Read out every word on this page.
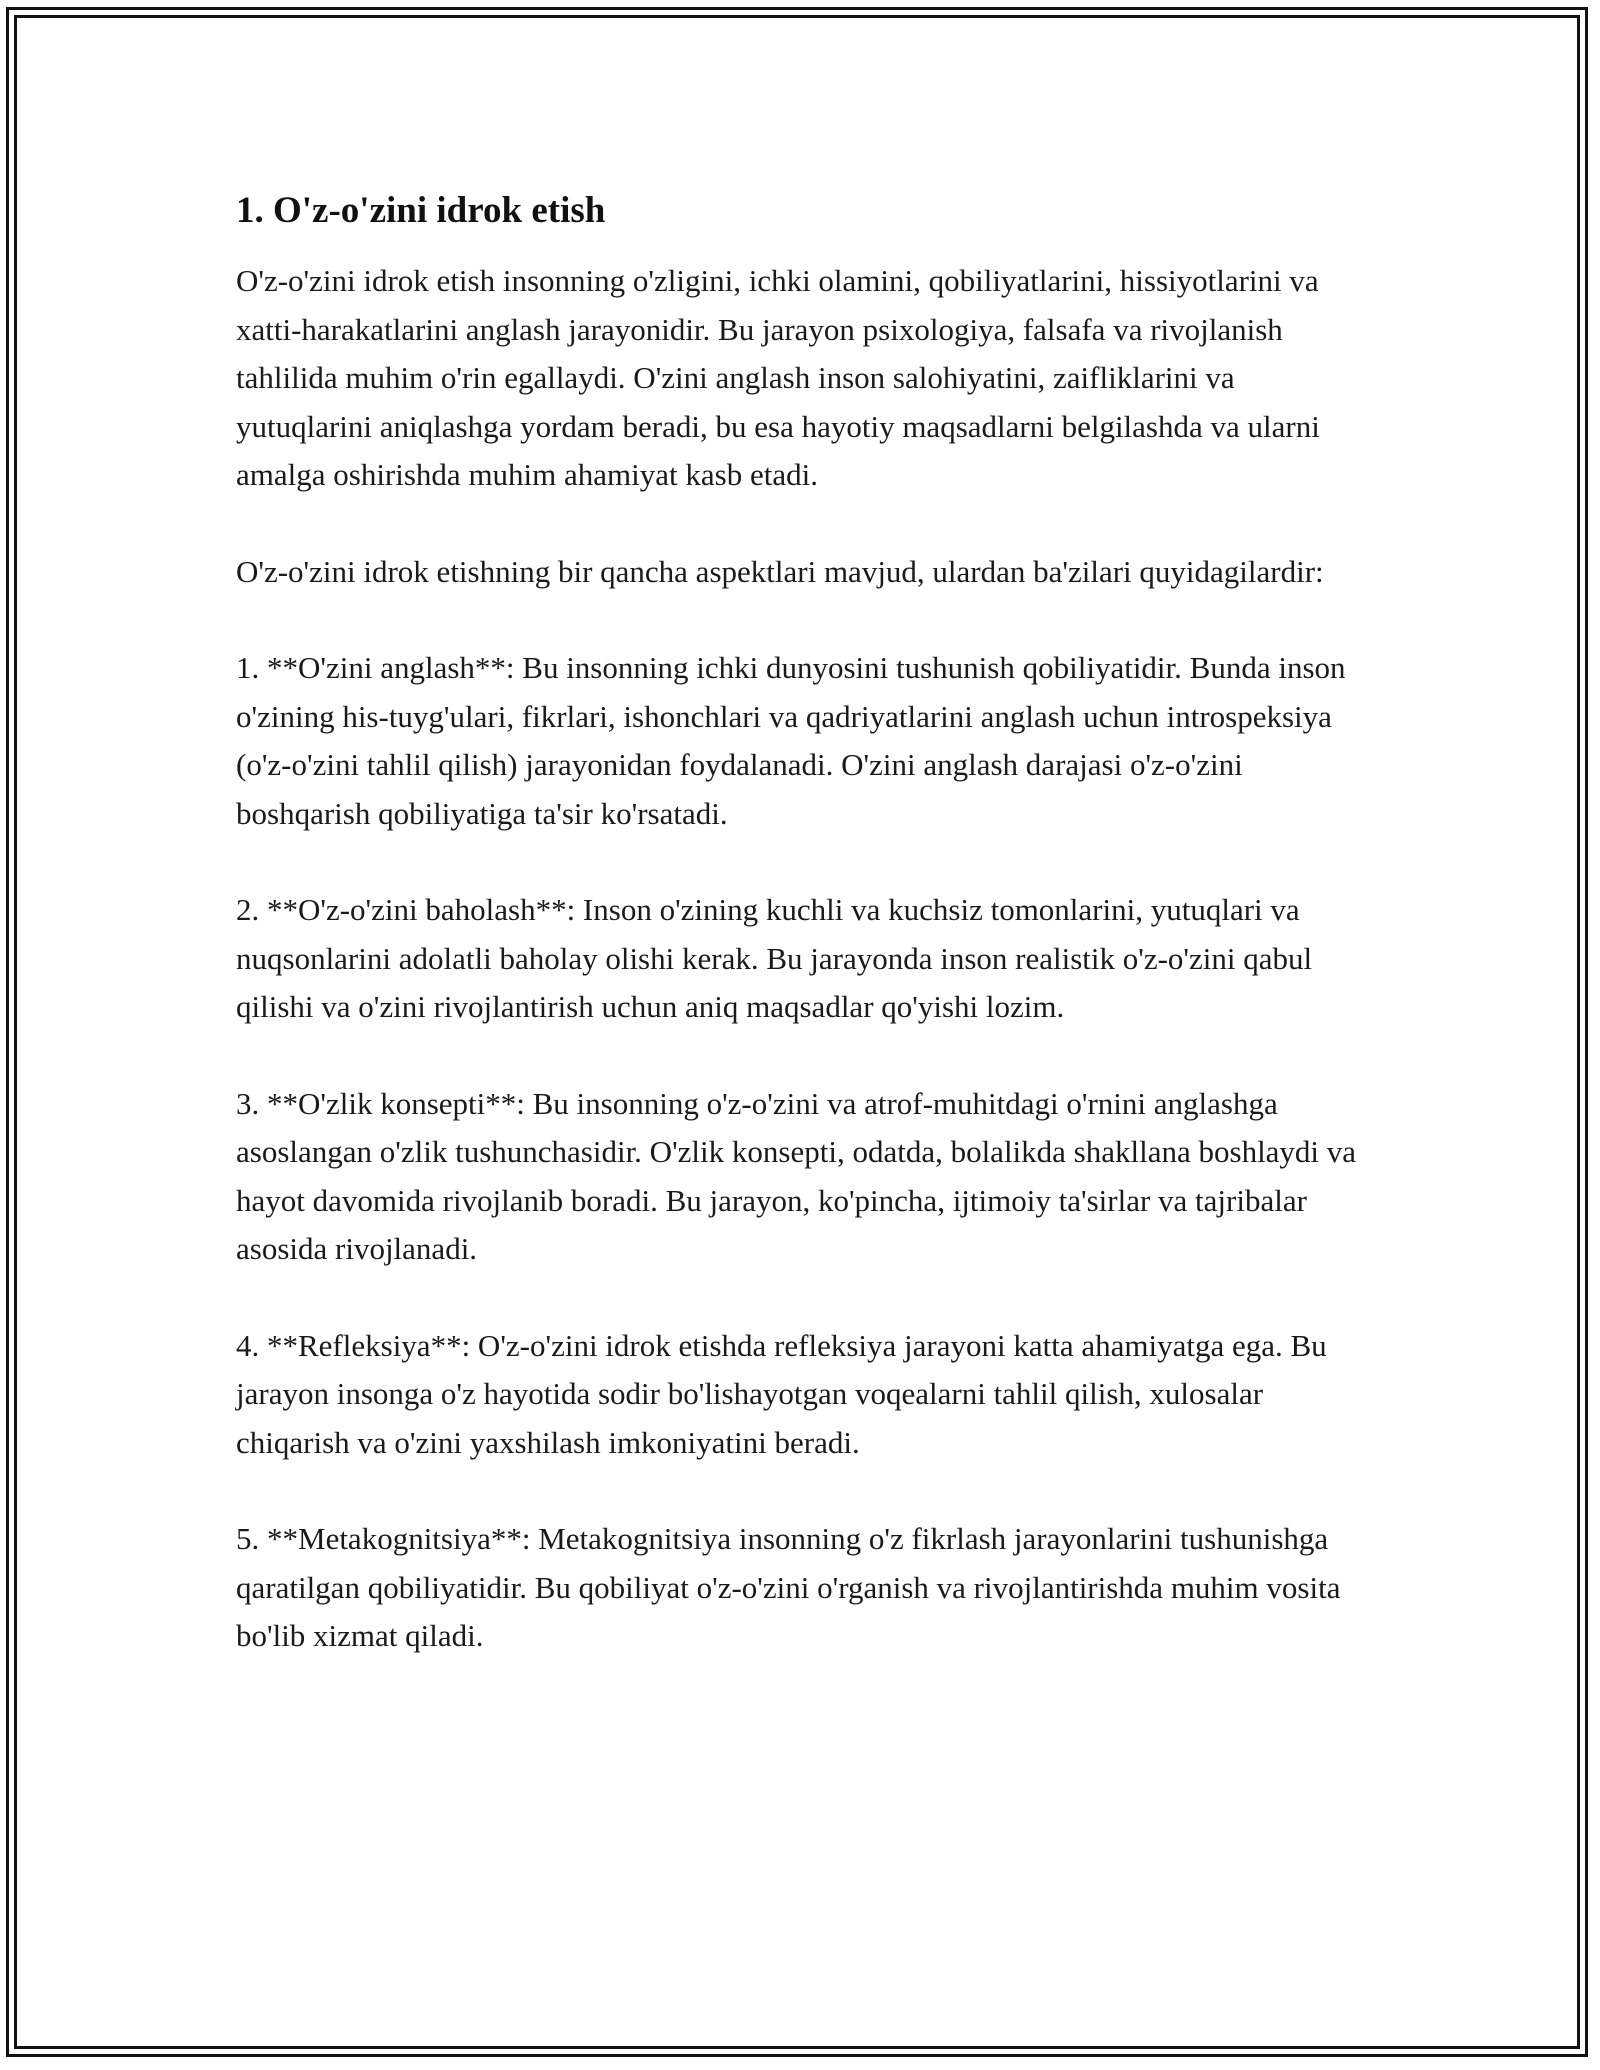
1. O'z-o'zini idrok etish

O'z-o'zini idrok etish insonning o'zligini, ichki olamini, qobiliyatlarini, hissiyotlarini va xatti-harakatlarini anglash jarayonidir. Bu jarayon psixologiya, falsafa va rivojlanish tahlilida muhim o'rin egallaydi. O'zini anglash inson salohiyatini, zaifliklarini va yutuqlarini aniqlashga yordam beradi, bu esa hayotiy maqsadlarni belgilashda va ularni amalga oshirishda muhim ahamiyat kasb etadi.

O'z-o'zini idrok etishning bir qancha aspektlari mavjud, ulardan ba'zilari quyidagilardir:

1. **O'zini anglash**: Bu insonning ichki dunyosini tushunish qobiliyatidir. Bunda inson o'zining his-tuyg'ulari, fikrlari, ishonchlari va qadriyatlarini anglash uchun introspeksiya (o'z-o'zini tahlil qilish) jarayonidan foydalanadi. O'zini anglash darajasi o'z-o'zini boshqarish qobiliyatiga ta'sir ko'rsatadi.

2. **O'z-o'zini baholash**: Inson o'zining kuchli va kuchsiz tomonlarini, yutuqlari va nuqsonlarini adolatli baholay olishi kerak. Bu jarayonda inson realistik o'z-o'zini qabul qilishi va o'zini rivojlantirish uchun aniq maqsadlar qo'yishi lozim.

3. **O'zlik konsepti**: Bu insonning o'z-o'zini va atrof-muhitdagi o'rnini anglashga asoslangan o'zlik tushunchasidir. O'zlik konsepti, odatda, bolalikda shakllana boshlaydi va hayot davomida rivojlanib boradi. Bu jarayon, ko'pincha, ijtimoiy ta'sirlar va tajribalar asosida rivojlanadi.

4. **Refleksiya**: O'z-o'zini idrok etishda refleksiya jarayoni katta ahamiyatga ega. Bu jarayon insonga o'z hayotida sodir bo'lishayotgan voqealarni tahlil qilish, xulosalar chiqarish va o'zini yaxshilash imkoniyatini beradi.

5. **Metakognitsiya**: Metakognitsiya insonning o'z fikrlash jarayonlarini tushunishga qaratilgan qobiliyatidir. Bu qobiliyat o'z-o'zini o'rganish va rivojlantirishda muhim vosita bo'lib xizmat qiladi.
